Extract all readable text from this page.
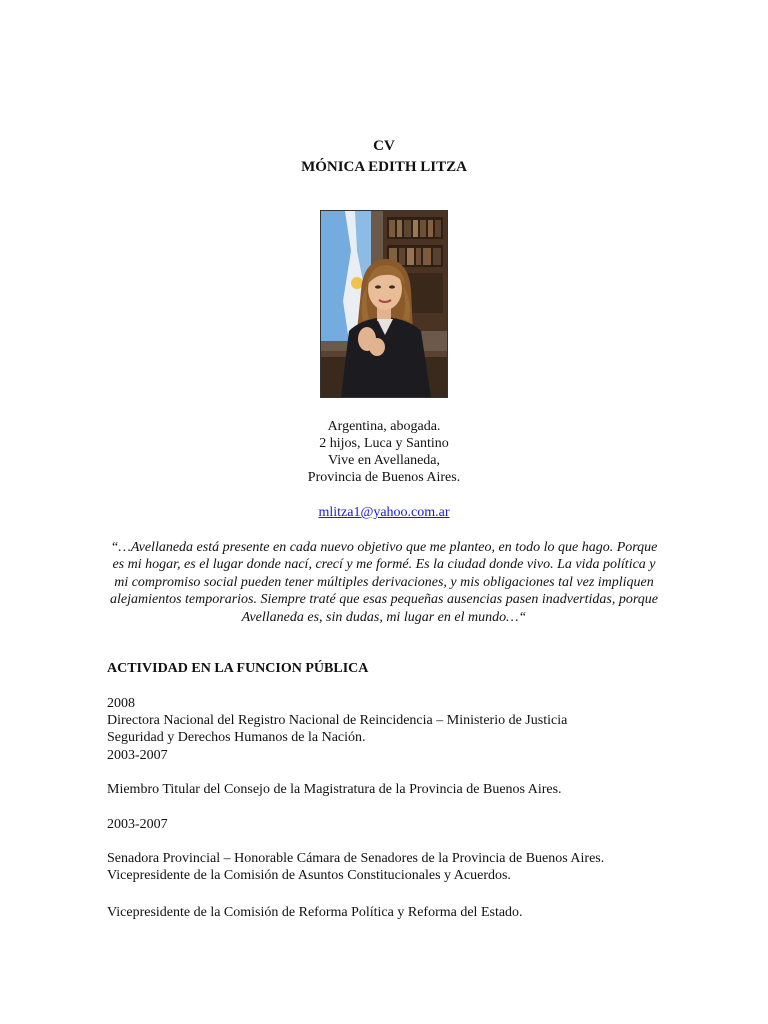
CV
MÓNICA EDITH LITZA
Argentina, abogada.
2 hijos, Luca y Santino
Vive en Avellaneda,
Provincia de Buenos Aires.
mlitza1@yahoo.com.ar
“…Avellaneda está presente en cada nuevo objetivo que me planteo, en todo lo que hago. Porque es mi hogar, es el lugar donde nací, crecí y me formé. Es la ciudad donde vivo. La vida política y mi compromiso social pueden tener múltiples derivaciones, y mis obligaciones tal vez impliquen alejamientos temporarios. Siempre traté que esas pequeñas ausencias pasen inadvertidas, porque Avellaneda es, sin dudas, mi lugar en el mundo…“
ACTIVIDAD EN LA FUNCION PÚBLICA
2008
Directora Nacional del Registro Nacional de Reincidencia – Ministerio de Justicia
Seguridad y Derechos Humanos de la Nación.
2003-2007
Miembro Titular del Consejo de la Magistratura de la Provincia de Buenos Aires.
2003-2007
Senadora Provincial – Honorable Cámara de Senadores de la Provincia de Buenos Aires.
Vicepresidente de la Comisión de Asuntos Constitucionales y Acuerdos.
Vicepresidente de la Comisión de Reforma Política y Reforma del Estado.
